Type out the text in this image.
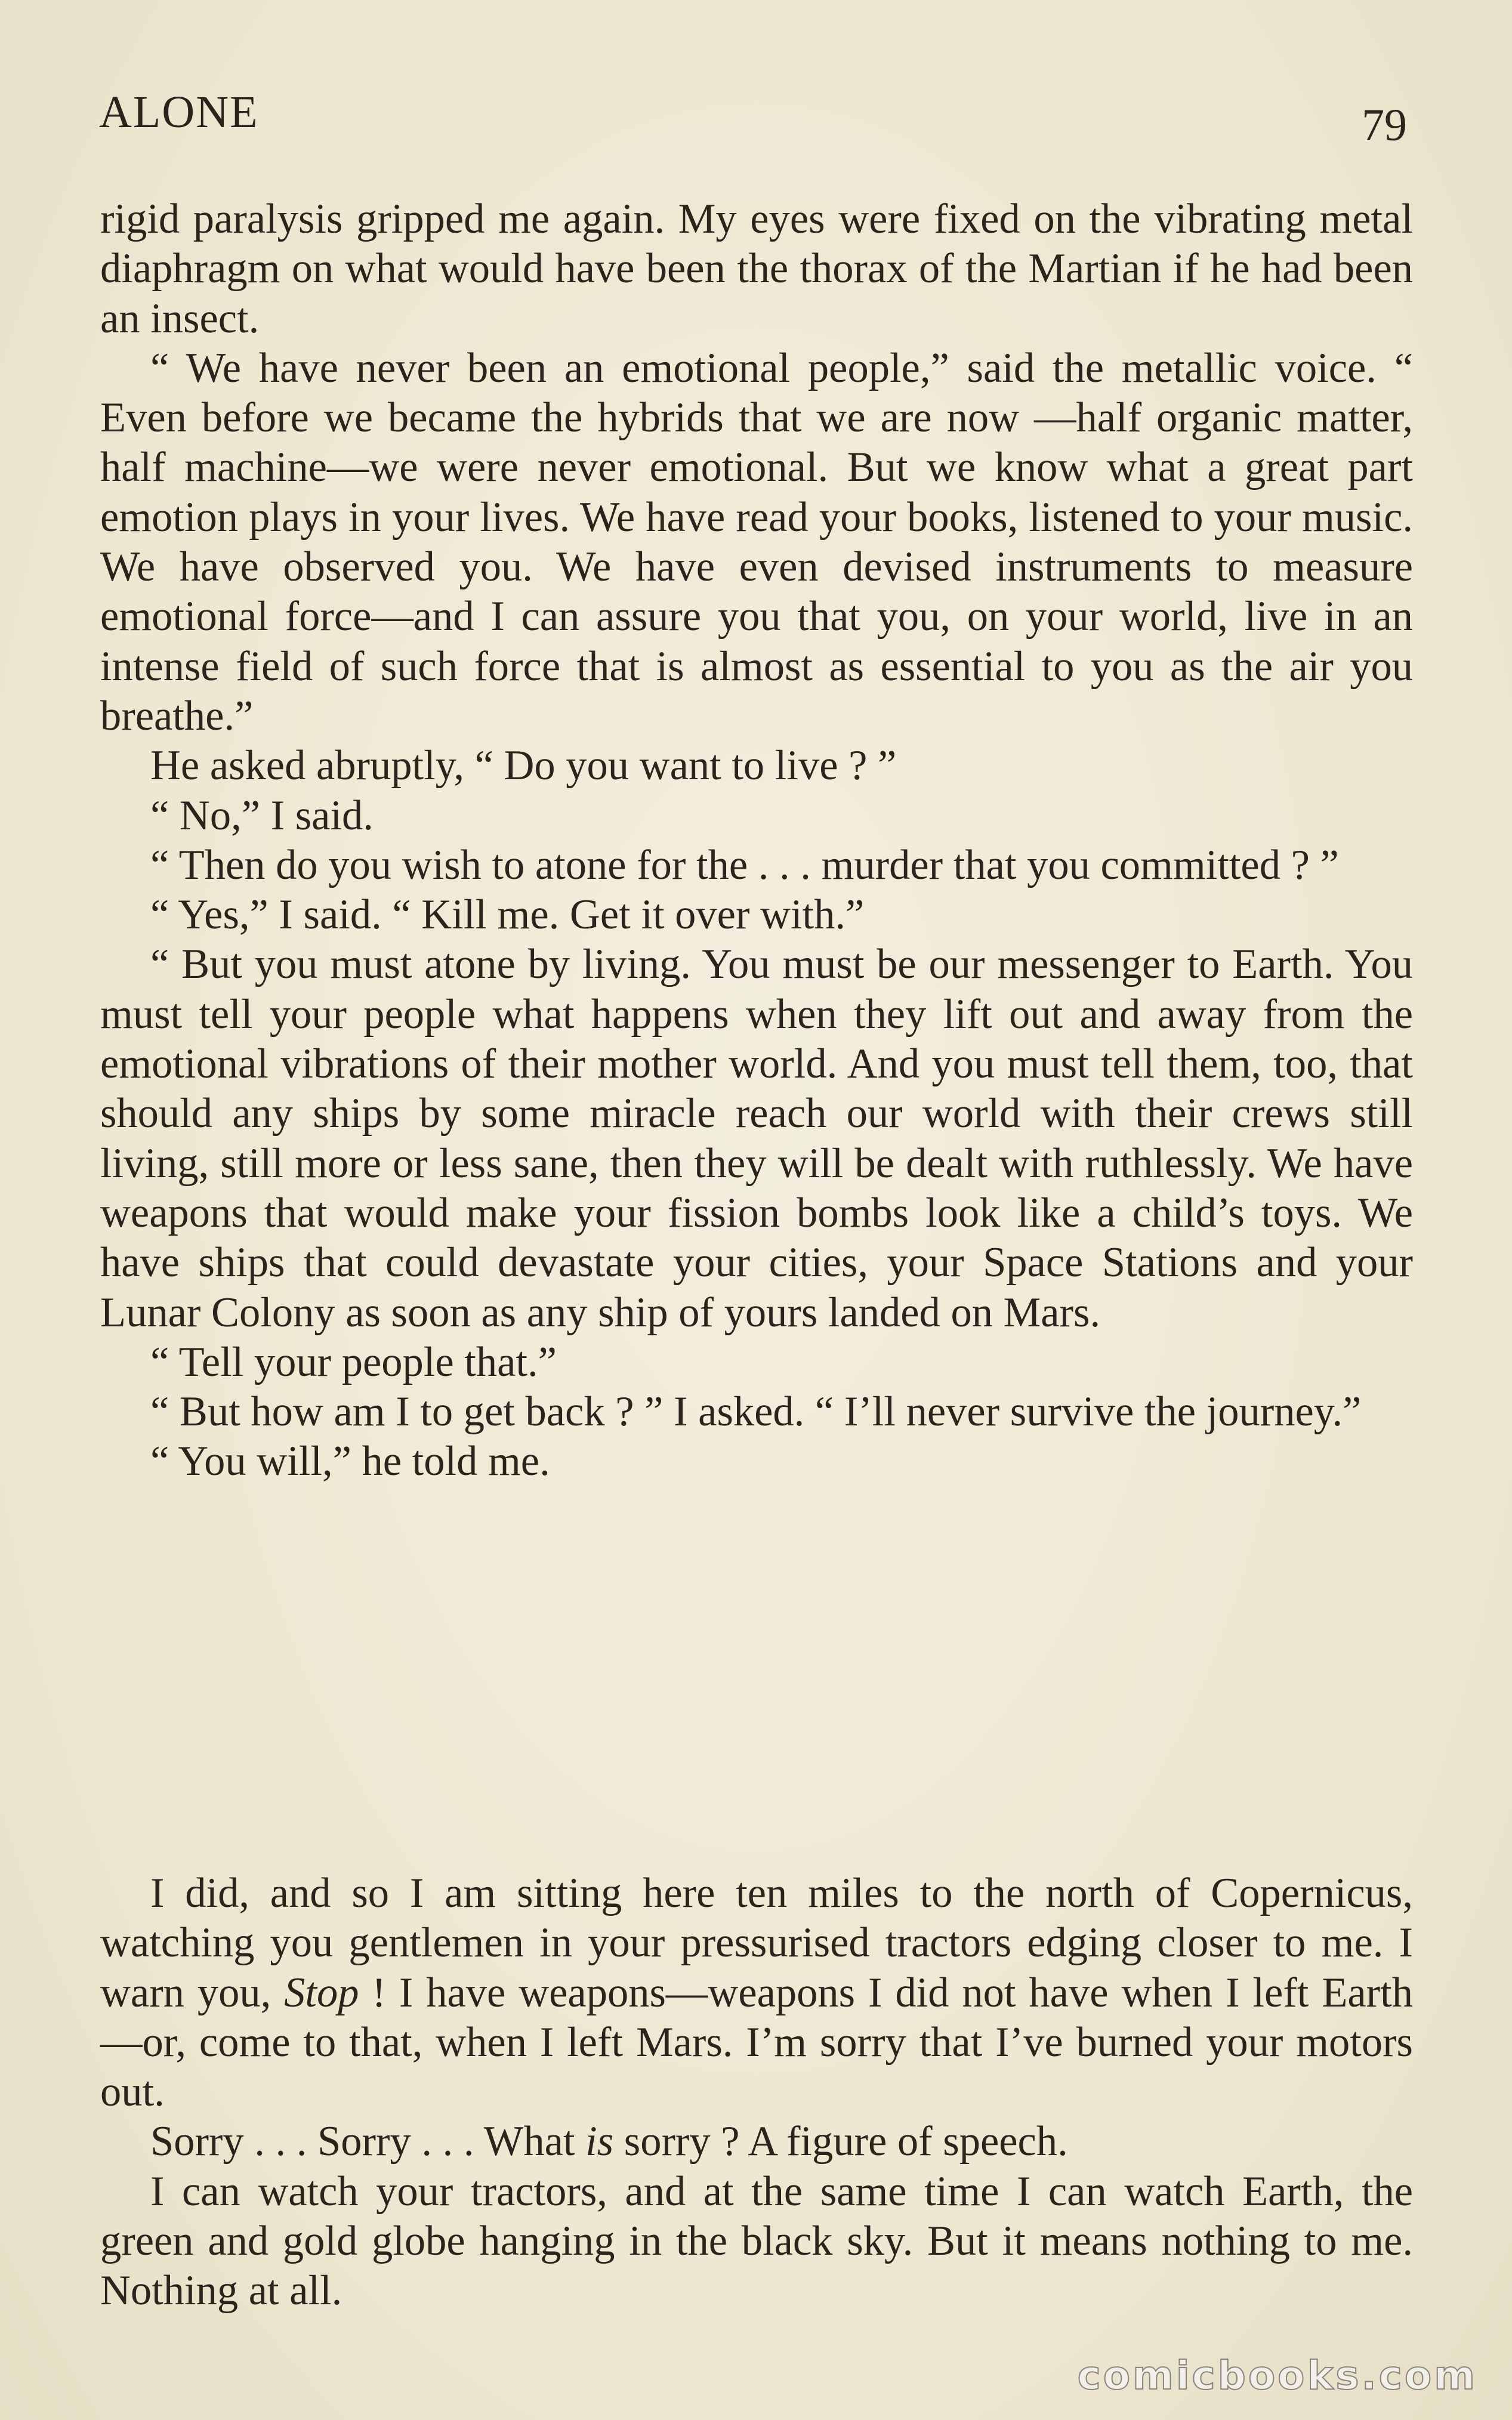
ALONE	79

rigid paralysis gripped me again. My eyes were fixed on the vibrating metal diaphragm on what would have been the thorax of the Martian if he had been an insect.

“ We have never been an emotional people,” said the metallic voice. “ Even before we became the hybrids that we are now —half organic matter, half machine—we were never emotional. But we know what a great part emotion plays in your lives. We have read your books, listened to your music. We have observed you. We have even devised instruments to measure emotional force—and I can assure you that you, on your world, live in an intense field of such force that is almost as essential to you as the air you breathe.”

He asked abruptly, “ Do you want to live ? ”

“ No,” I said.

“ Then do you wish to atone for the . . . murder that you committed ? ”

“ Yes,” I said. “ Kill me. Get it over with.”

“ But you must atone by living. You must be our messenger to Earth. You must tell your people what happens when they lift out and away from the emotional vibrations of their mother world. And you must tell them, too, that should any ships by some miracle reach our world with their crews still living, still more or less sane, then they will be dealt with ruthlessly. We have weapons that would make your fission bombs look like a child’s toys. We have ships that could devastate your cities, your Space Stations and your Lunar Colony as soon as any ship of yours landed on Mars.

“ Tell your people that.”

“ But how am I to get back ? ” I asked. “ I’ll never survive the journey.”

“ You will,” he told me.

I did, and so I am sitting here ten miles to the north of Copernicus, watching you gentlemen in your pressurised tractors edging closer to me. I warn you, Stop ! I have weapons—weapons I did not have when I left Earth—or, come to that, when I left Mars. I’m sorry that I’ve burned your motors out.

Sorry . . . Sorry . . . What is sorry ? A figure of speech.

I can watch your tractors, and at the same time I can watch Earth, the green and gold globe hanging in the black sky. But it means nothing to me. Nothing at all.

comicbooks.com
